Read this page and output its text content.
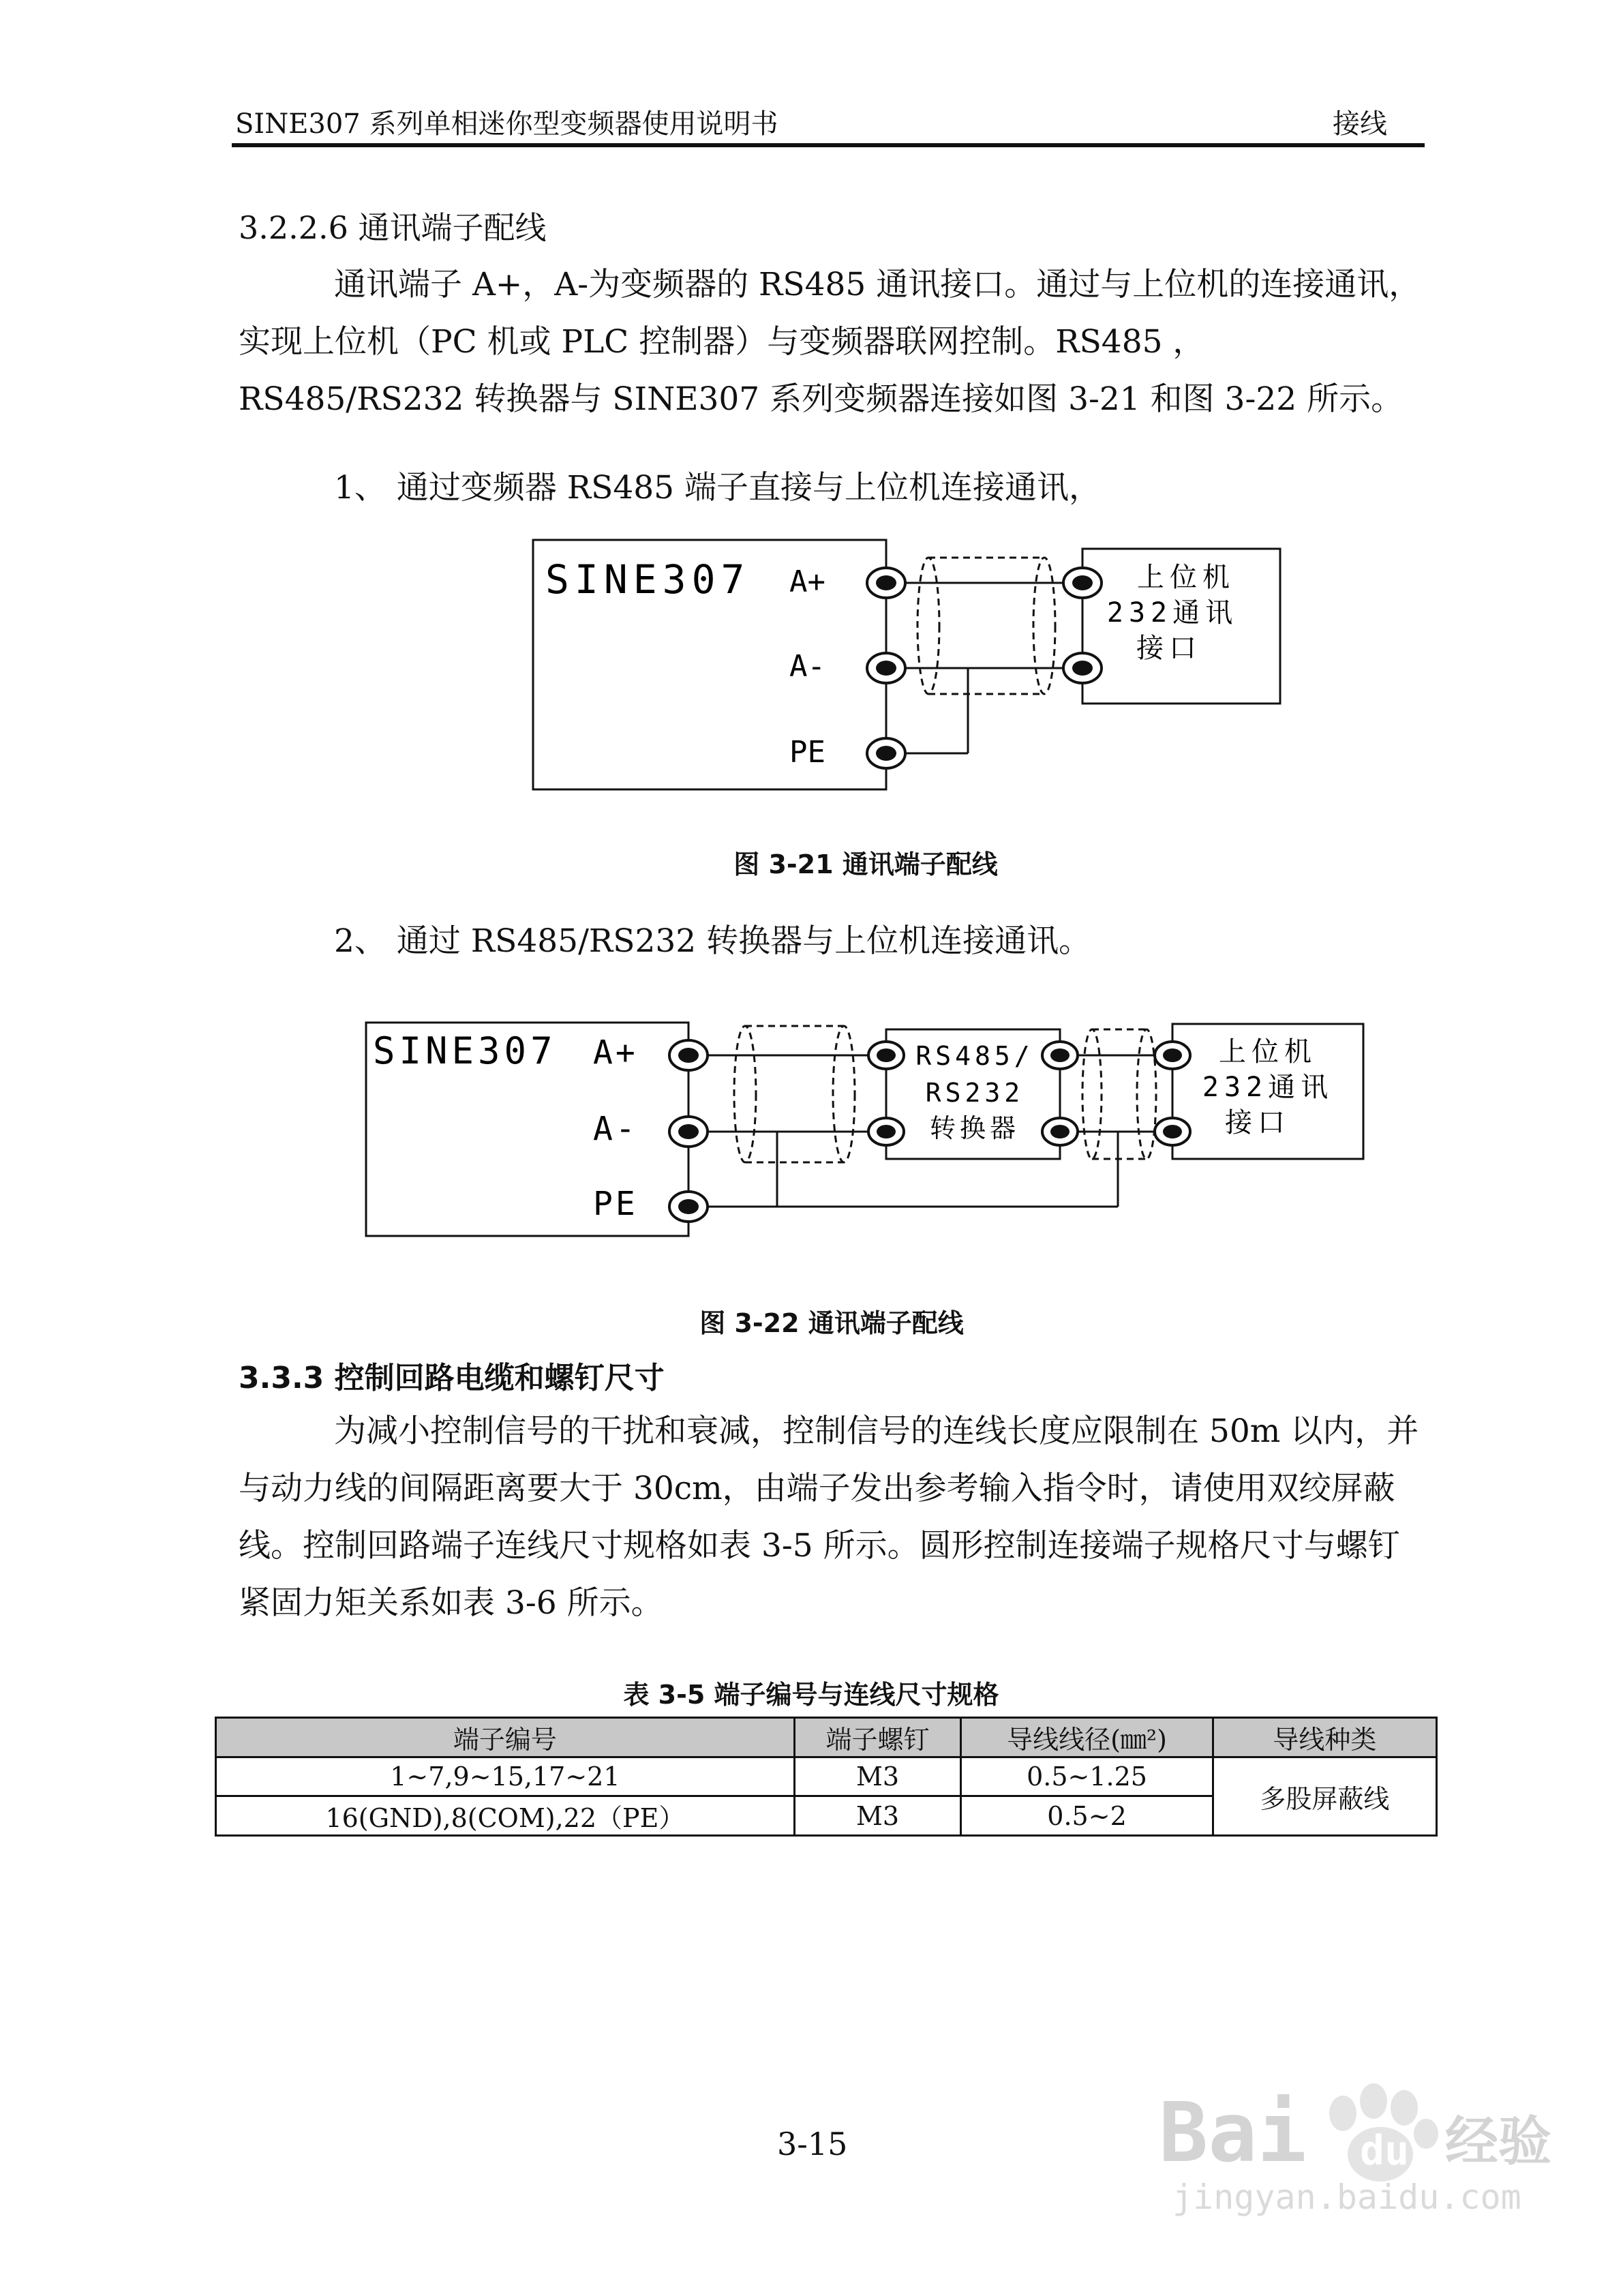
SINE307 系列单相迷你型变频器使用说明书	接线
3.2.2.6 通讯端子配线

通讯端子 A+，A-为变频器的 RS485 通讯接口。通过与上位机的连接通讯，实现上位机（PC 机或 PLC 控制器）与变频器联网控制。RS485 ，RS485/RS232 转换器与 SINE307 系列变频器连接如图 3-21 和图 3-22 所示。

1、 通过变频器 RS485 端子直接与上位机连接通讯，
SINE307 A+
A-
PE
上位机
232通讯
接口
图 3-21 通讯端子配线
2、 通过 RS485/RS232 转换器与上位机连接通讯。
SINE307 A+
A-
PE
RS485/
RS232
转换器
上位机
232通讯
接口
图 3-22 通讯端子配线
3.3.3 控制回路电缆和螺钉尺寸

为减小控制信号的干扰和衰减，控制信号的连线长度应限制在 50m 以内，并与动力线的间隔距离要大于 30cm，由端子发出参考输入指令时，请使用双绞屏蔽线。控制回路端子连线尺寸规格如表 3-5 所示。圆形控制连接端子规格尺寸与螺钉紧固力矩关系如表 3-6 所示。

表 3-5 端子编号与连线尺寸规格
端子编号	端子螺钉	导线线径(㎜²)	导线种类
1~7,9~15,17~21	M3	0.5~1.25	多股屏蔽线
16(GND),8(COM),22（PE）	M3	0.5~2	
3-15	Bai du 经验
jingyan.baidu.com
